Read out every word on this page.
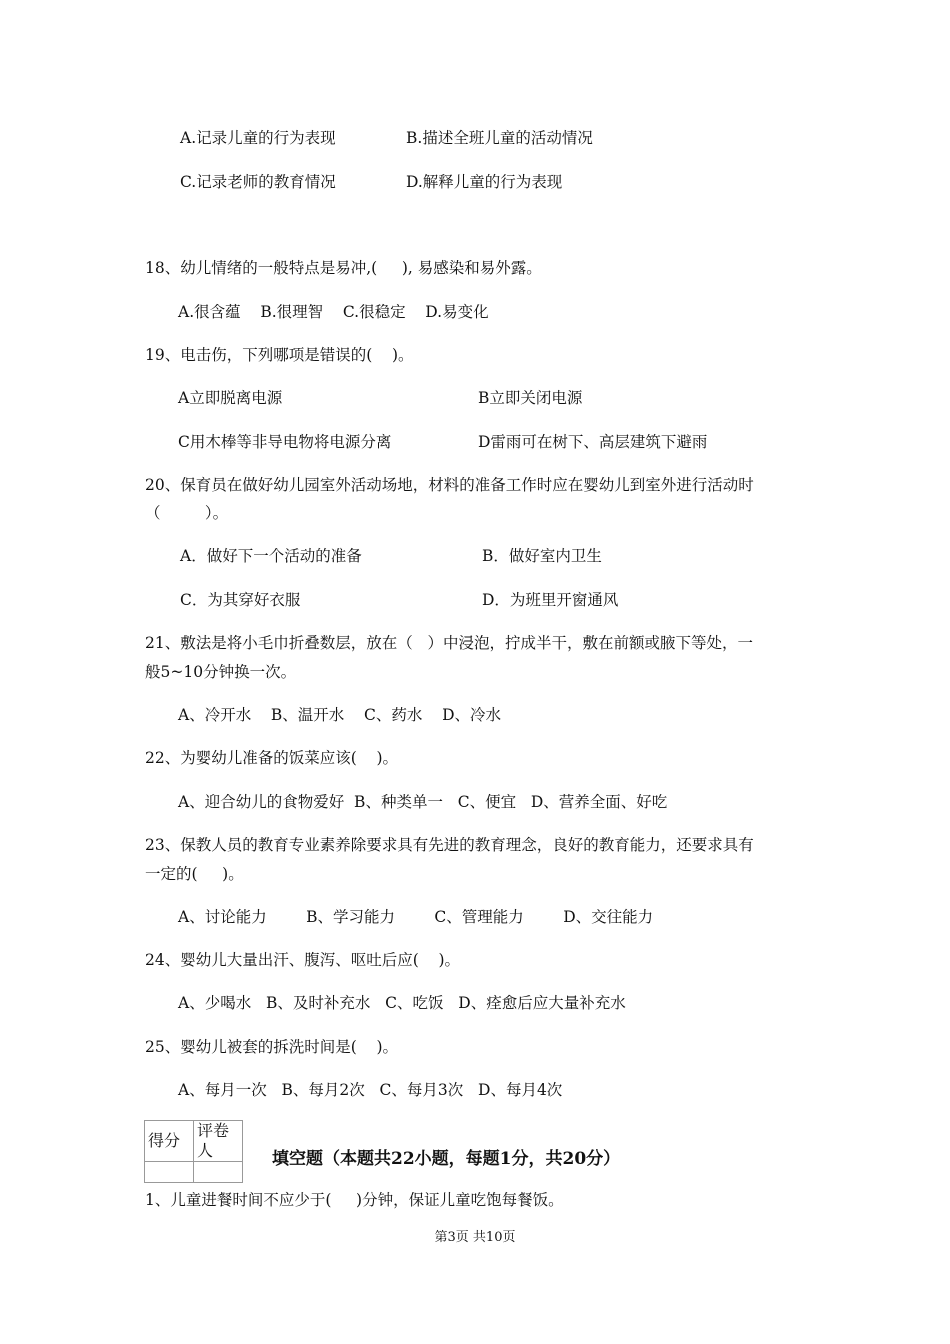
A.记录儿童的行为表现	B.描述全班儿童的活动情况
C.记录老师的教育情况	D.解释儿童的行为表现
18、幼儿情绪的一般特点是易冲,(     ), 易感染和易外露。
A.很含蕴    B.很理智    C.很稳定    D.易变化
19、电击伤，下列哪项是错误的(    )。
A立即脱离电源	B立即关闭电源
C用木棒等非导电物将电源分离	D雷雨可在树下、高层建筑下避雨
20、保育员在做好幼儿园室外活动场地，材料的准备工作时应在婴幼儿到室外进行活动时
（         ）。
A．做好下一个活动的准备	B．做好室内卫生
C．为其穿好衣服	D．为班里开窗通风
21、敷法是将小毛巾折叠数层，放在（   ）中浸泡，拧成半干，敷在前额或腋下等处，一
般5~10分钟换一次。
A、冷开水    B、温开水    C、药水    D、冷水
22、为婴幼儿准备的饭菜应该(    )。
A、迎合幼儿的食物爱好  B、种类单一   C、便宜   D、营养全面、好吃
23、保教人员的教育专业素养除要求具有先进的教育理念，良好的教育能力，还要求具有
一定的(     )。
A、讨论能力        B、学习能力        C、管理能力        D、交往能力
24、婴幼儿大量出汗、腹泻、呕吐后应(    )。
A、少喝水   B、及时补充水   C、吃饭   D、痊愈后应大量补充水
25、婴幼儿被套的拆洗时间是(    )。
A、每月一次   B、每月2次   C、每月3次   D、每月4次
得分	评卷人
		填空题（本题共22小题，每题1分，共20分）
1、儿童进餐时间不应少于(     )分钟，保证儿童吃饱每餐饭。
第3页 共10页
